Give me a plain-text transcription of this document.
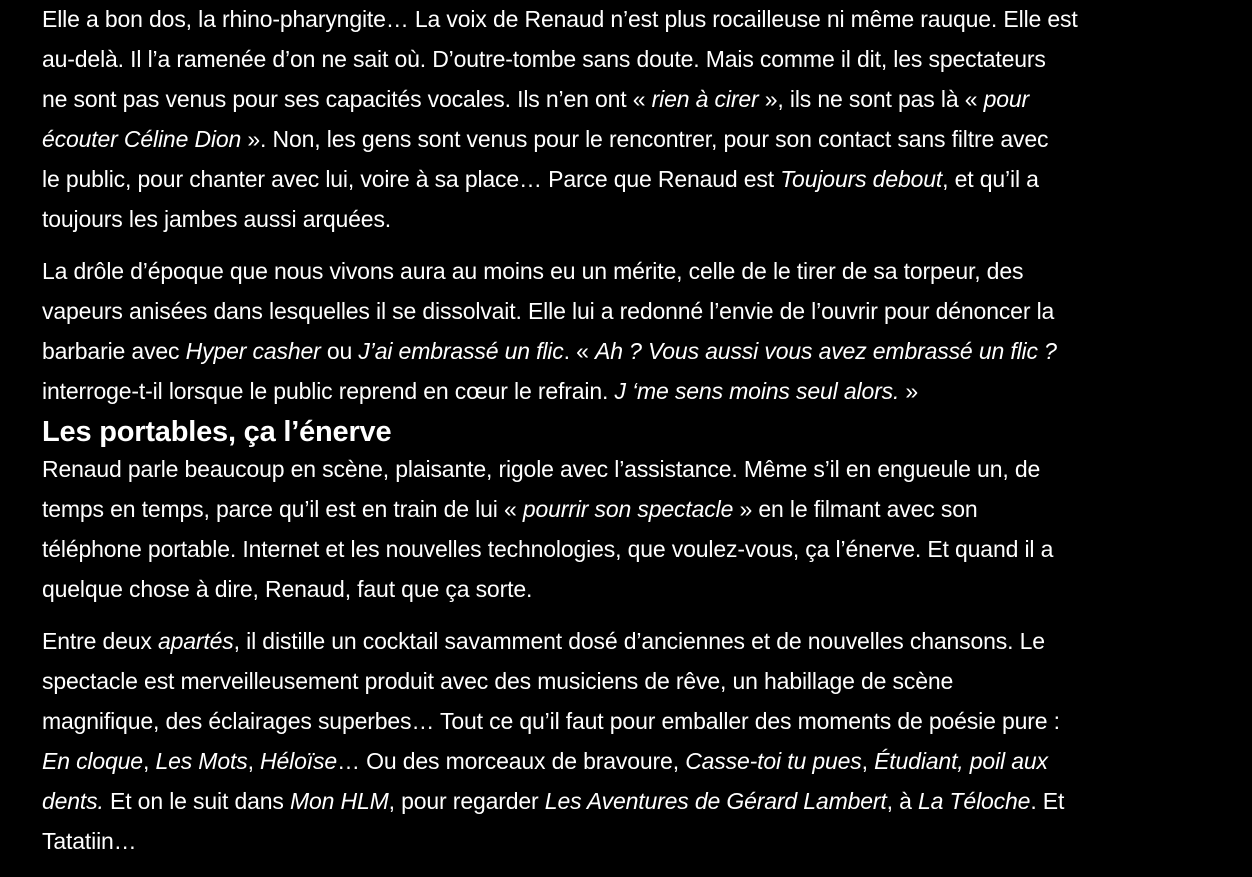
Elle a bon dos, la rhino-pharyngite… La voix de Renaud n’est plus rocailleuse ni même rauque. Elle est
au-delà. Il l’a ramenée d’on ne sait où. D’outre-tombe sans doute. Mais comme il dit, les spectateurs
ne sont pas venus pour ses capacités vocales. Ils n’en ont « rien à cirer », ils ne sont pas là « pour
écouter Céline Dion ». Non, les gens sont venus pour le rencontrer, pour son contact sans filtre avec
le public, pour chanter avec lui, voire à sa place… Parce que Renaud est Toujours debout, et qu’il a
toujours les jambes aussi arquées.

La drôle d’époque que nous vivons aura au moins eu un mérite, celle de le tirer de sa torpeur, des
vapeurs anisées dans lesquelles il se dissolvait. Elle lui a redonné l’envie de l’ouvrir pour dénoncer la
barbarie avec Hyper casher ou J’ai embrassé un flic. « Ah ? Vous aussi vous avez embrassé un flic ?
interroge-t-il lorsque le public reprend en cœur le refrain. J ‘me sens moins seul alors. »

Les portables, ça l’énerve

Renaud parle beaucoup en scène, plaisante, rigole avec l’assistance. Même s’il en engueule un, de
temps en temps, parce qu’il est en train de lui « pourrir son spectacle » en le filmant avec son
téléphone portable. Internet et les nouvelles technologies, que voulez-vous, ça l’énerve. Et quand il a
quelque chose à dire, Renaud, faut que ça sorte.

Entre deux apartés, il distille un cocktail savamment dosé d’anciennes et de nouvelles chansons. Le
spectacle est merveilleusement produit avec des musiciens de rêve, un habillage de scène
magnifique, des éclairages superbes… Tout ce qu’il faut pour emballer des moments de poésie pure :
En cloque, Les Mots, Héloïse… Ou des morceaux de bravoure, Casse-toi tu pues, Étudiant, poil aux
dents. Et on le suit dans Mon HLM, pour regarder Les Aventures de Gérard Lambert, à La Téloche. Et
Tatatiin…
